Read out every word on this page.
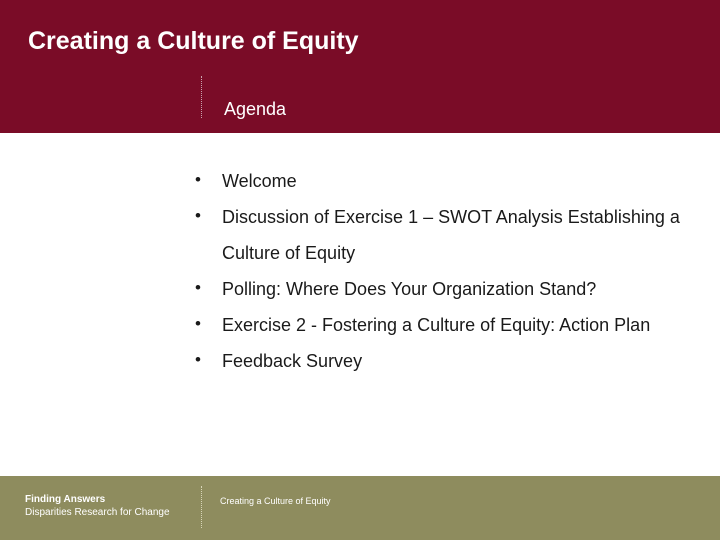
Creating a Culture of Equity
Agenda
• Welcome
• Discussion of Exercise 1 – SWOT Analysis Establishing a Culture of Equity
• Polling: Where Does Your Organization Stand?
• Exercise 2 - Fostering a Culture of Equity: Action Plan
• Feedback Survey
Finding Answers
Disparities Research for Change
Creating a Culture of Equity
